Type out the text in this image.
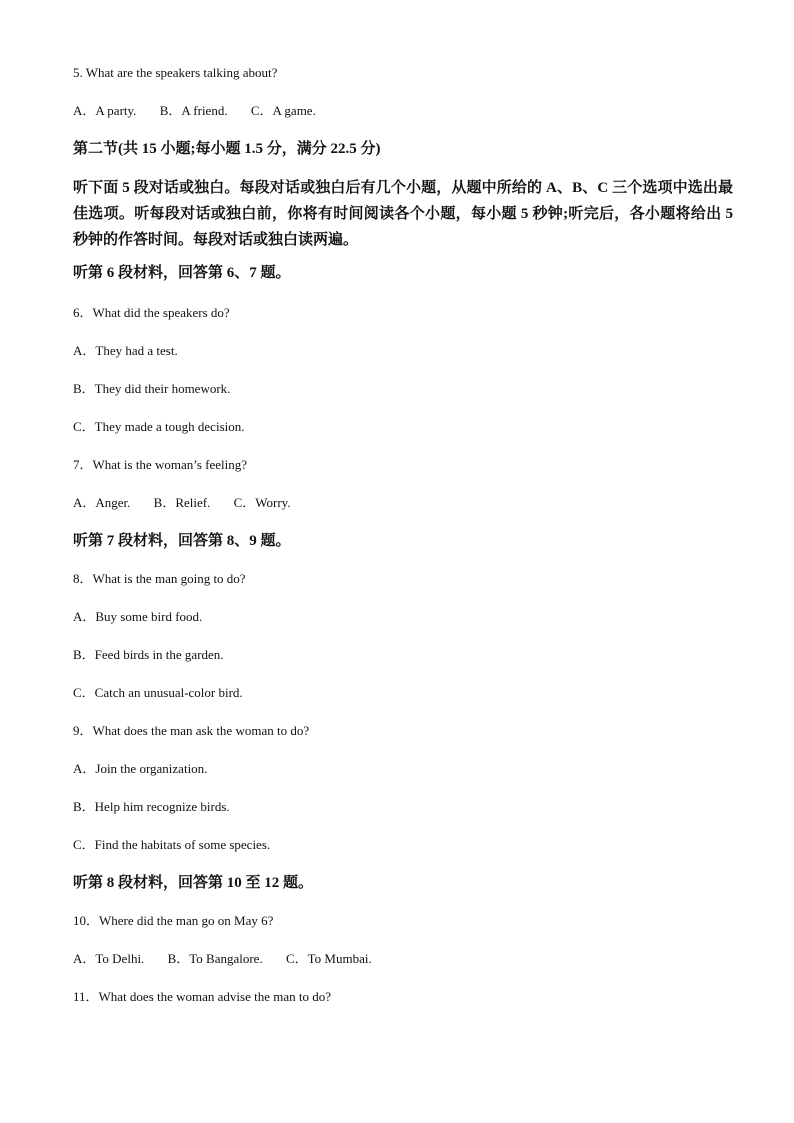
5. What are the speakers talking about?
A．A party. B．A friend. C．A game.
第二节(共 15 小题;每小题 1.5 分，满分 22.5 分)
听下面 5 段对话或独白。每段对话或独白后有几个小题，从题中所给的 A、B、C 三个选项中选出最佳选项。听每段对话或独白前，你将有时间阅读各个小题，每小题 5 秒钟;听完后，各小题将给出 5 秒钟的作答时间。每段对话或独白读两遍。
听第 6 段材料，回答第 6、7 题。
6．What did the speakers do?
A．They had a test.
B．They did their homework.
C．They made a tough decision.
7．What is the woman’s feeling?
A．Anger. B．Relief. C．Worry.
听第 7 段材料，回答第 8、9 题。
8．What is the man going to do?
A．Buy some bird food.
B．Feed birds in the garden.
C．Catch an unusual-color bird.
9．What does the man ask the woman to do?
A．Join the organization.
B．Help him recognize birds.
C．Find the habitats of some species.
听第 8 段材料，回答第 10 至 12 题。
10．Where did the man go on May 6?
A．To Delhi. B．To Bangalore. C．To Mumbai.
11．What does the woman advise the man to do?
